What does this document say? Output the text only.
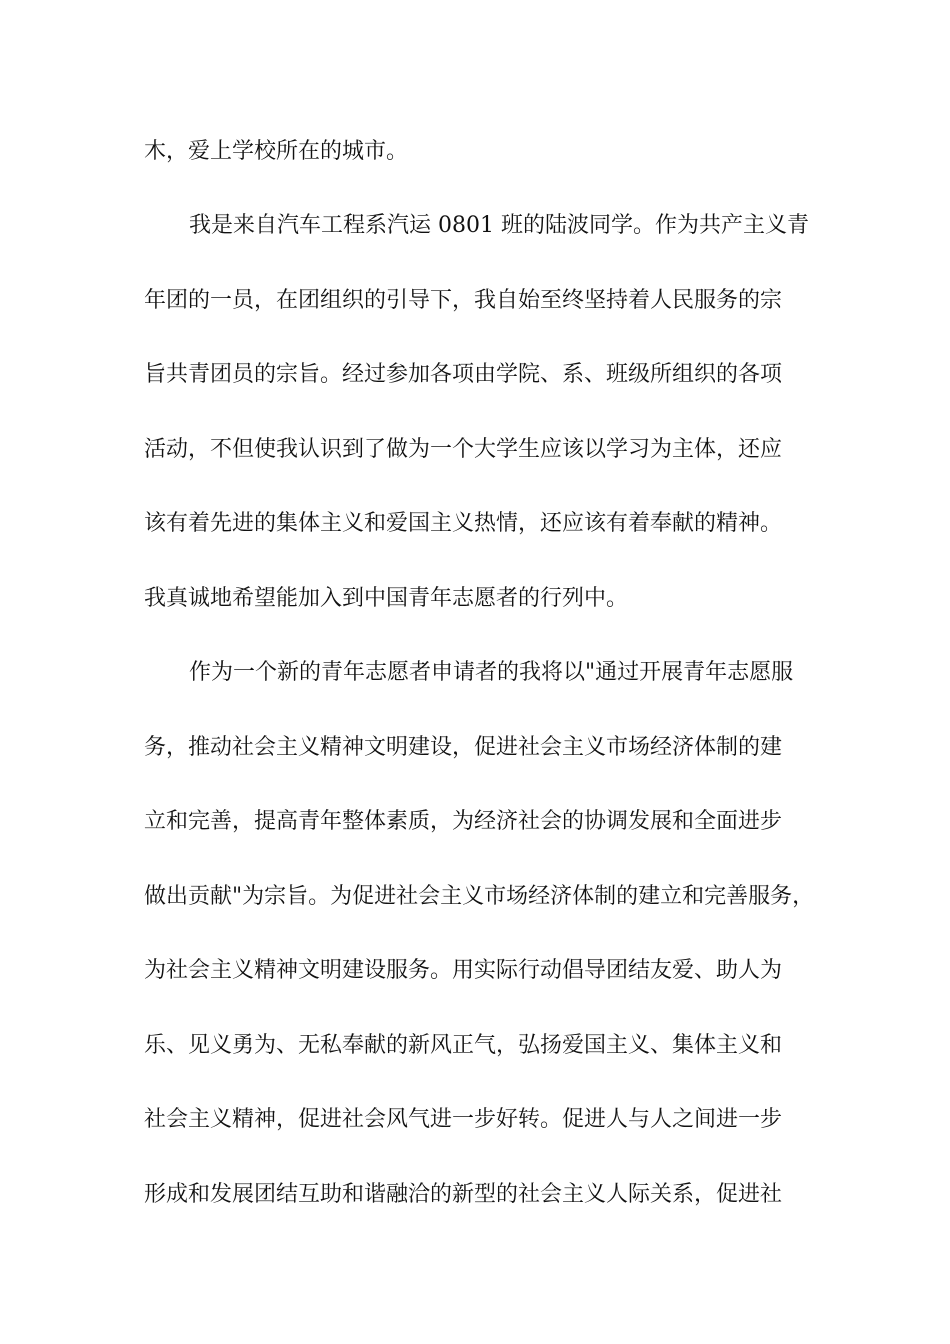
木，爱上学校所在的城市。
我是来自汽车工程系汽运 0801 班的陆波同学。作为共产主义青
年团的一员，在团组织的引导下，我自始至终坚持着人民服务的宗
旨共青团员的宗旨。经过参加各项由学院、系、班级所组织的各项
活动，不但使我认识到了做为一个大学生应该以学习为主体，还应
该有着先进的集体主义和爱国主义热情，还应该有着奉献的精神。
我真诚地希望能加入到中国青年志愿者的行列中。
作为一个新的青年志愿者申请者的我将以"通过开展青年志愿服
务，推动社会主义精神文明建设，促进社会主义市场经济体制的建
立和完善，提高青年整体素质，为经济社会的协调发展和全面进步
做出贡献"为宗旨。为促进社会主义市场经济体制的建立和完善服务，
为社会主义精神文明建设服务。用实际行动倡导团结友爱、助人为
乐、见义勇为、无私奉献的新风正气，弘扬爱国主义、集体主义和
社会主义精神，促进社会风气进一步好转。促进人与人之间进一步
形成和发展团结互助和谐融洽的新型的社会主义人际关系，促进社
